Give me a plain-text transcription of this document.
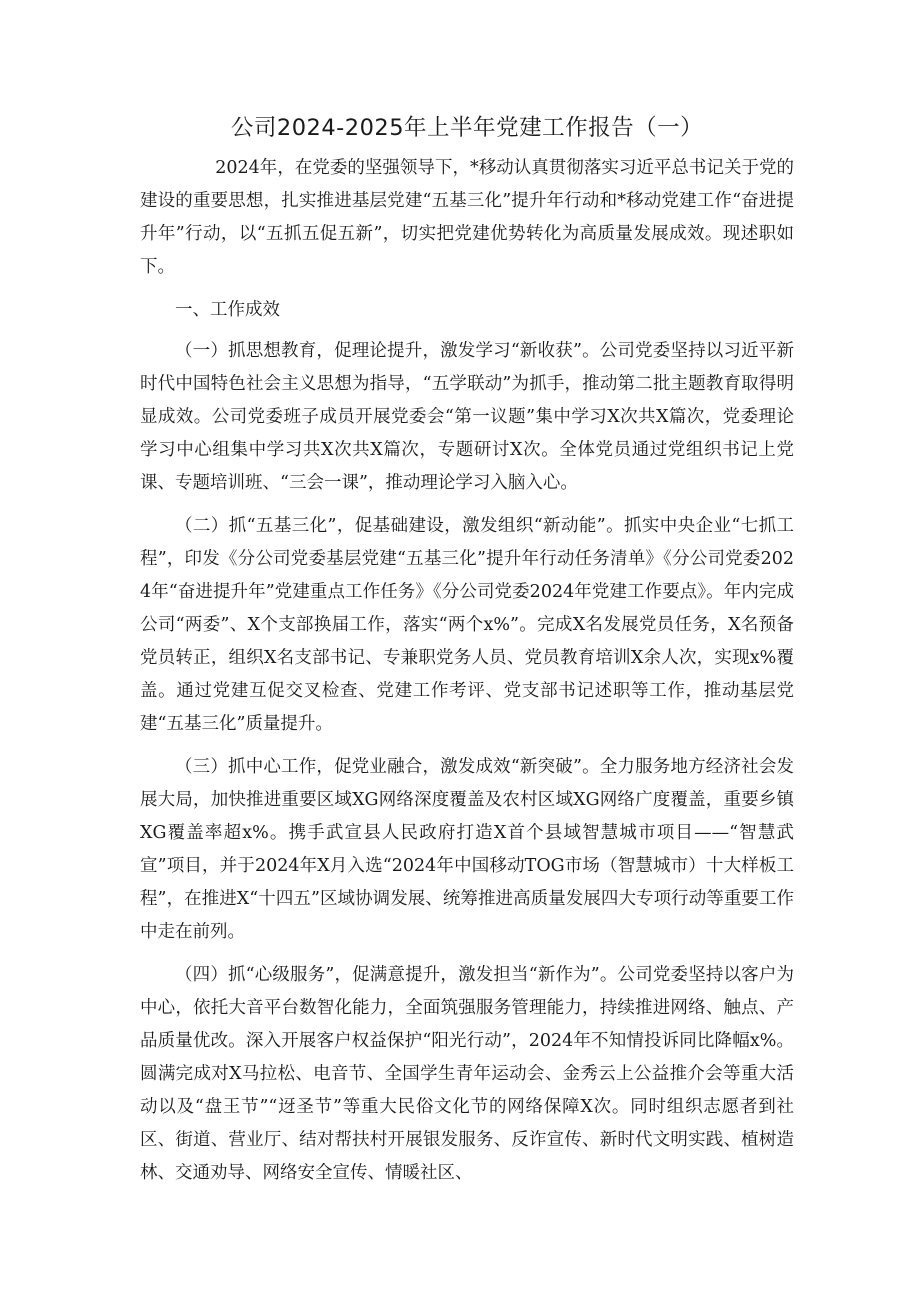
公司2024-2025年上半年党建工作报告（一）

2024年，在党委的坚强领导下，*移动认真贯彻落实习近平总书记关于党的建设的重要思想，扎实推进基层党建“五基三化”提升年行动和*移动党建工作“奋进提升年”行动，以“五抓五促五新”，切实把党建优势转化为高质量发展成效。现述职如下。

一、工作成效

（一）抓思想教育，促理论提升，激发学习“新收获”。公司党委坚持以习近平新时代中国特色社会主义思想为指导，“五学联动”为抓手，推动第二批主题教育取得明显成效。公司党委班子成员开展党委会“第一议题”集中学习X次共X篇次，党委理论学习中心组集中学习共X次共X篇次，专题研讨X次。全体党员通过党组织书记上党课、专题培训班、“三会一课”，推动理论学习入脑入心。

（二）抓“五基三化”，促基础建设，激发组织“新动能”。抓实中央企业“七抓工程”，印发《分公司党委基层党建“五基三化”提升年行动任务清单》《分公司党委2024年“奋进提升年”党建重点工作任务》《分公司党委2024年党建工作要点》。年内完成公司“两委”、X个支部换届工作，落实“两个x%”。完成X名发展党员任务，X名预备党员转正，组织X名支部书记、专兼职党务人员、党员教育培训X余人次，实现x%覆盖。通过党建互促交叉检查、党建工作考评、党支部书记述职等工作，推动基层党建“五基三化”质量提升。

（三）抓中心工作，促党业融合，激发成效“新突破”。全力服务地方经济社会发展大局，加快推进重要区域XG网络深度覆盖及农村区域XG网络广度覆盖，重要乡镇XG覆盖率超x%。携手武宣县人民政府打造X首个县域智慧城市项目——“智慧武宣”项目，并于2024年X月入选“2024年中国移动TOG市场（智慧城市）十大样板工程”，在推进X“十四五”区域协调发展、统筹推进高质量发展四大专项行动等重要工作中走在前列。

（四）抓“心级服务”，促满意提升，激发担当“新作为”。公司党委坚持以客户为中心，依托大音平台数智化能力，全面筑强服务管理能力，持续推进网络、触点、产品质量优改。深入开展客户权益保护“阳光行动”，2024年不知情投诉同比降幅x%。圆满完成对X马拉松、电音节、全国学生青年运动会、金秀云上公益推介会等重大活动以及“盘王节”“迓圣节”等重大民俗文化节的网络保障X次。同时组织志愿者到社区、街道、营业厅、结对帮扶村开展银发服务、反诈宣传、新时代文明实践、植树造林、交通劝导、网络安全宣传、情暖社区、
